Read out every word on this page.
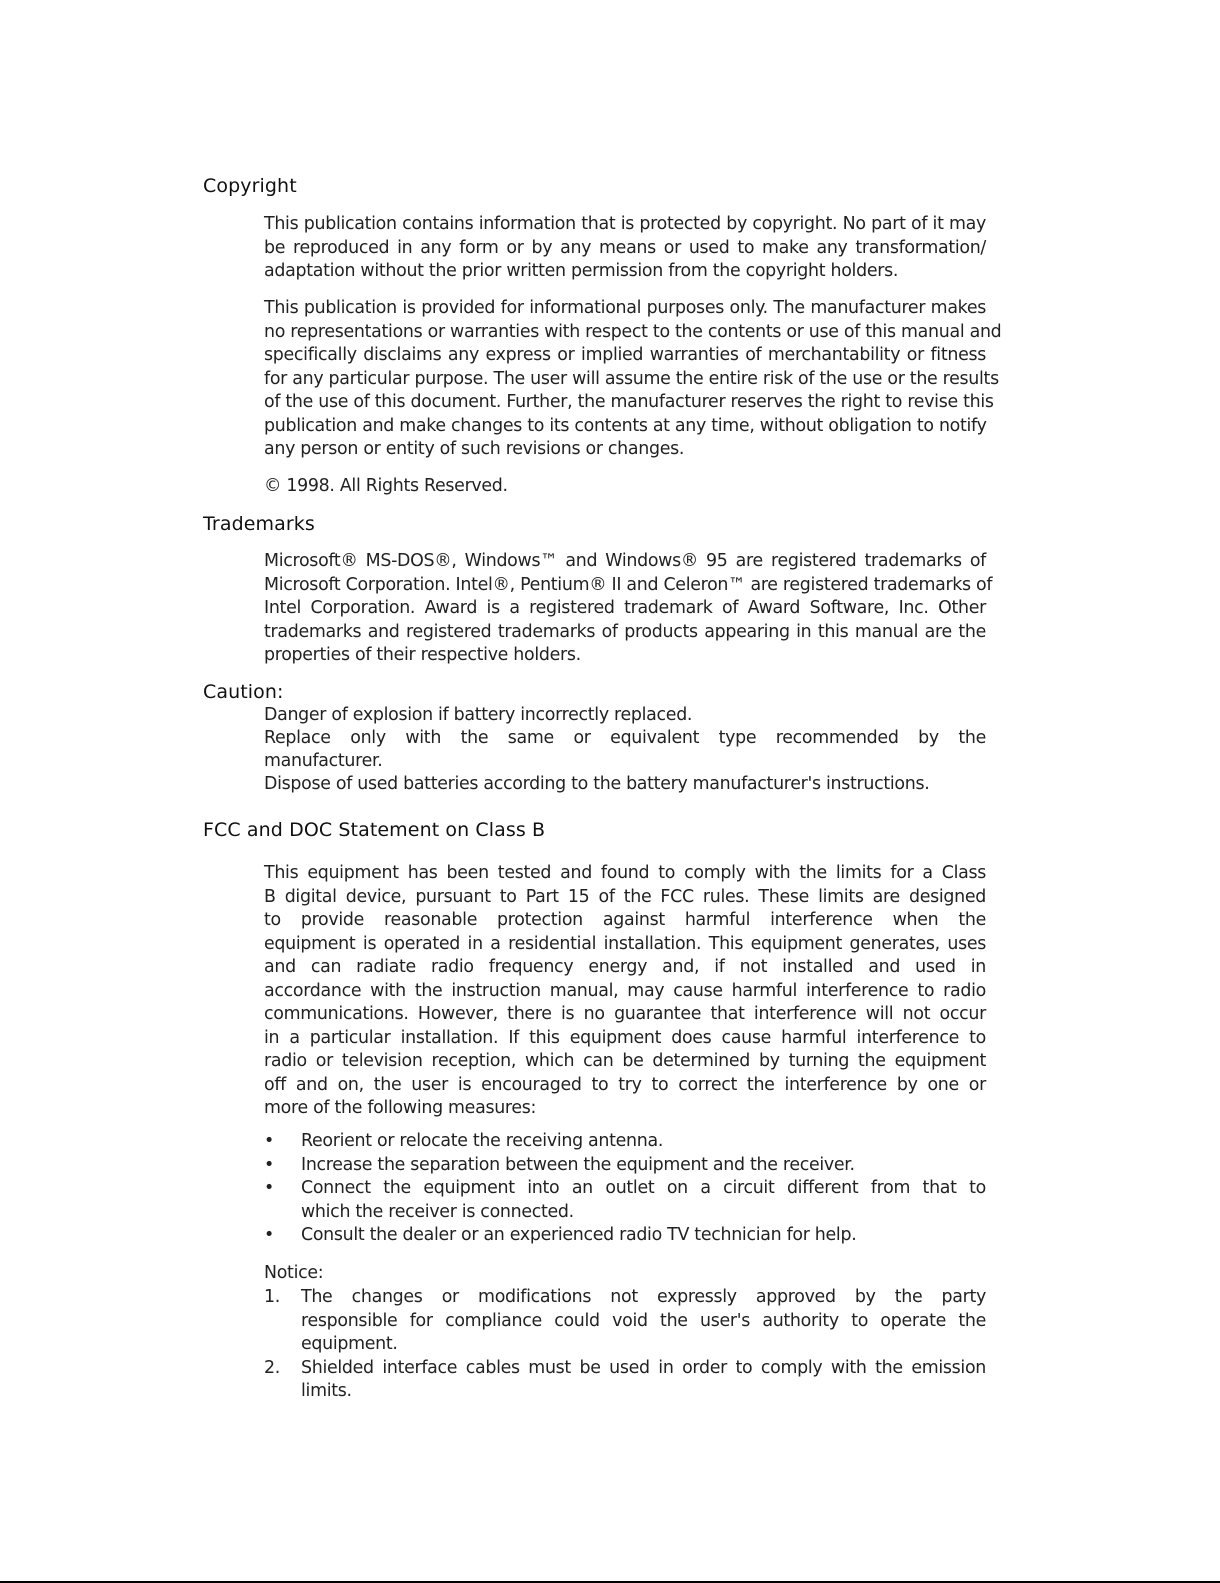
Copyright
This publication contains information that is protected by copyright. No part of it may
be reproduced in any form or by any means or used to make any transformation/
adaptation without the prior written permission from the copyright holders.
This publication is provided for informational purposes only. The manufacturer makes
no representations or warranties with respect to the contents or use of this manual and
specifically disclaims any express or implied warranties of merchantability or fitness
for any particular purpose. The user will assume the entire risk of the use or the results
of the use of this document. Further, the manufacturer reserves the right to revise this
publication and make changes to its contents at any time, without obligation to notify
any person or entity of such revisions or changes.
© 1998. All Rights Reserved.
Trademarks
Microsoft® MS-DOS®, Windows™ and Windows® 95 are registered trademarks of
Microsoft Corporation. Intel®, Pentium® II and Celeron™ are registered trademarks of
Intel Corporation. Award is a registered trademark of Award Software, Inc. Other
trademarks and registered trademarks of products appearing in this manual are the
properties of their respective holders.
Caution:
Danger of explosion if battery incorrectly replaced.
Replace only with the same or equivalent type recommended by the
manufacturer.
Dispose of used batteries according to the battery manufacturer's instructions.
FCC and DOC Statement on Class B
This equipment has been tested and found to comply with the limits for a Class
B digital device, pursuant to Part 15 of the FCC rules. These limits are designed
to provide reasonable protection against harmful interference when the
equipment is operated in a residential installation. This equipment generates, uses
and can radiate radio frequency energy and, if not installed and used in
accordance with the instruction manual, may cause harmful interference to radio
communications. However, there is no guarantee that interference will not occur
in a particular installation. If this equipment does cause harmful interference to
radio or television reception, which can be determined by turning the equipment
off and on, the user is encouraged to try to correct the interference by one or
more of the following measures:
• Reorient or relocate the receiving antenna.
• Increase the separation between the equipment and the receiver.
• Connect the equipment into an outlet on a circuit different from that to
which the receiver is connected.
• Consult the dealer or an experienced radio TV technician for help.
Notice:
1. The changes or modifications not expressly approved by the party
responsible for compliance could void the user's authority to operate the
equipment.
2. Shielded interface cables must be used in order to comply with the emission
limits.
